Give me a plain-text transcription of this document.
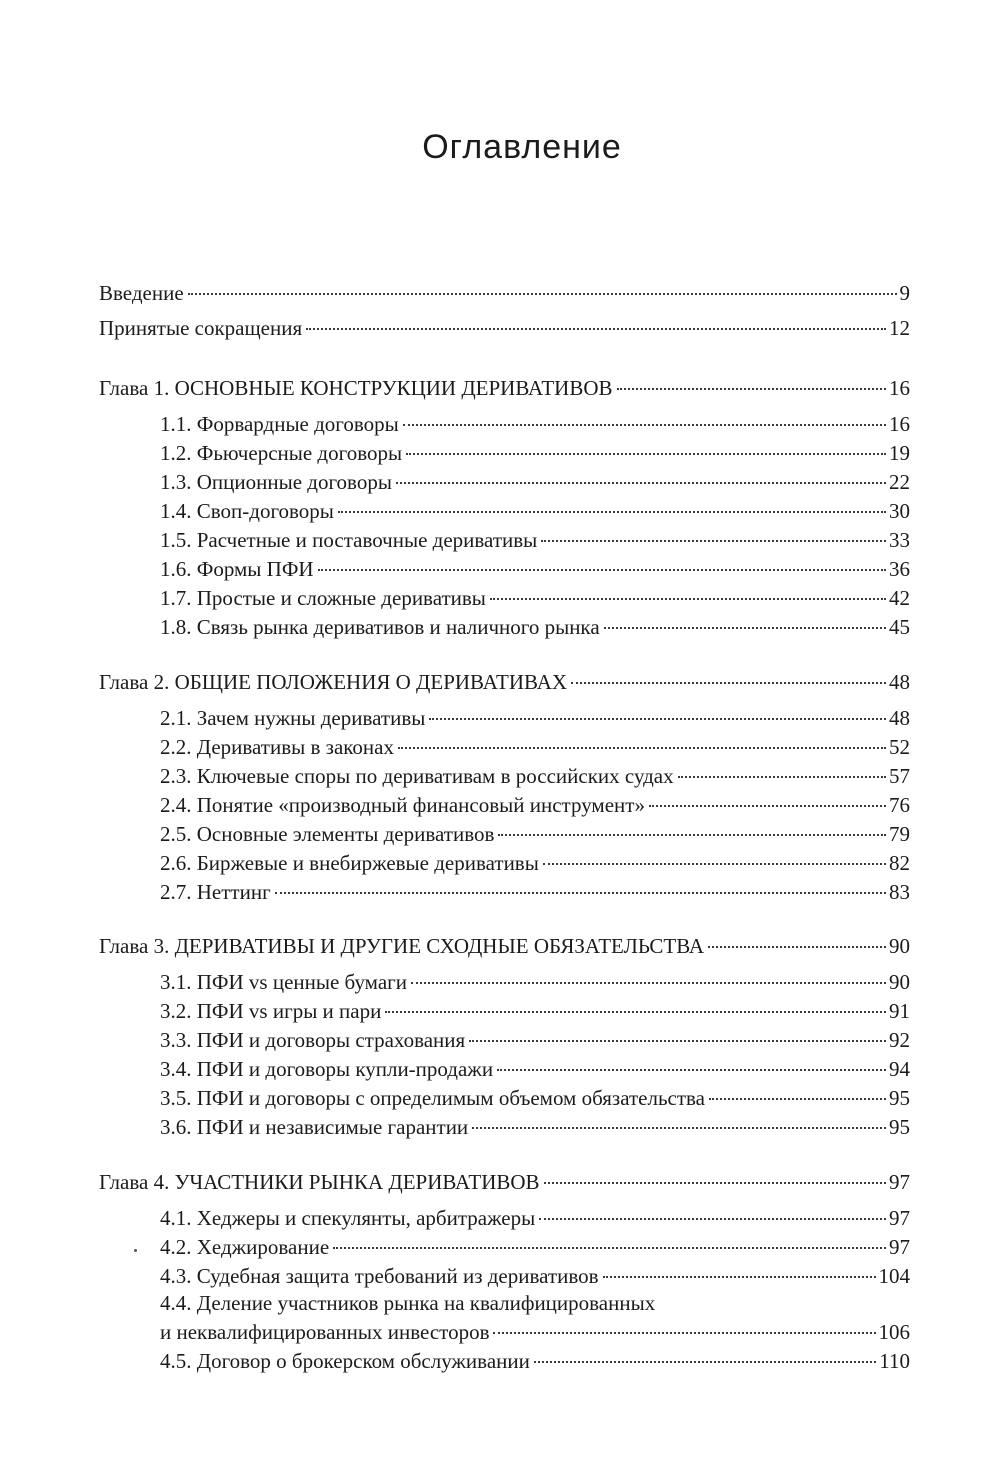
Оглавление
Введение	9
Принятые сокращения	12
Глава 1. ОСНОВНЫЕ КОНСТРУКЦИИ ДЕРИВАТИВОВ	16
1.1. Форвардные договоры	16
1.2. Фьючерсные договоры	19
1.3. Опционные договоры	22
1.4. Своп-договоры	30
1.5. Расчетные и поставочные деривативы	33
1.6. Формы ПФИ	36
1.7. Простые и сложные деривативы	42
1.8. Связь рынка деривативов и наличного рынка	45
Глава 2. ОБЩИЕ ПОЛОЖЕНИЯ О ДЕРИВАТИВАХ	48
2.1. Зачем нужны деривативы	48
2.2. Деривативы в законах	52
2.3. Ключевые споры по деривативам в российских судах	57
2.4. Понятие «производный финансовый инструмент»	76
2.5. Основные элементы деривативов	79
2.6. Биржевые и внебиржевые деривативы	82
2.7. Неттинг	83
Глава 3. ДЕРИВАТИВЫ И ДРУГИЕ СХОДНЫЕ ОБЯЗАТЕЛЬСТВА	90
3.1. ПФИ vs ценные бумаги	90
3.2. ПФИ vs игры и пари	91
3.3. ПФИ и договоры страхования	92
3.4. ПФИ и договоры купли-продажи	94
3.5. ПФИ и договоры с определимым объемом обязательства	95
3.6. ПФИ и независимые гарантии	95
Глава 4. УЧАСТНИКИ РЫНКА ДЕРИВАТИВОВ	97
4.1. Хеджеры и спекулянты, арбитражеры	97
4.2. Хеджирование	97
4.3. Судебная защита требований из деривативов	104
4.4. Деление участников рынка на квалифицированных
и неквалифицированных инвесторов	106
4.5. Договор о брокерском обслуживании	110
